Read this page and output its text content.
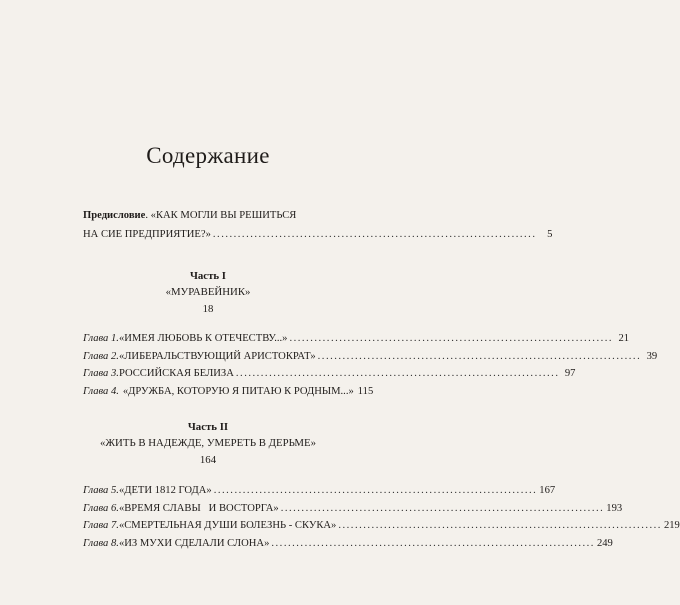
Содержание
Предисловие. «КАК МОГЛИ ВЫ РЕШИТЬСЯ
НА СИЕ ПРЕДПРИЯТИЕ?» ..............................................................................	5
Часть I
«МУРАВЕЙНИК»
18
Глава 1. «ИМЕЯ ЛЮБОВЬ К ОТЕЧЕСТВУ...» .............................................................................. 21
Глава 2. «ЛИБЕРАЛЬСТВУЮЩИЙ АРИСТОКРАТ» .............................................................................. 39
Глава 3. РОССИЙСКАЯ БЕЛИЗА .............................................................................. 97
Глава 4. «ДРУЖБА, КОТОРУЮ Я ПИТАЮ К РОДНЫМ...» 115
Часть II
«ЖИТЬ В НАДЕЖДЕ, УМЕРЕТЬ В ДЕРЬМЕ»
164
Глава 5. «ДЕТИ 1812 ГОДА» .............................................................................. 167
Глава 6. «ВРЕМЯ СЛАВЫ   И ВОСТОРГА» .............................................................................. 193
Глава 7. «СМЕРТЕЛЬНАЯ ДУШИ БОЛЕЗНЬ - СКУКА» .............................................................................. 219
Глава 8. «ИЗ МУХИ СДЕЛАЛИ СЛОНА» .............................................................................. 249
